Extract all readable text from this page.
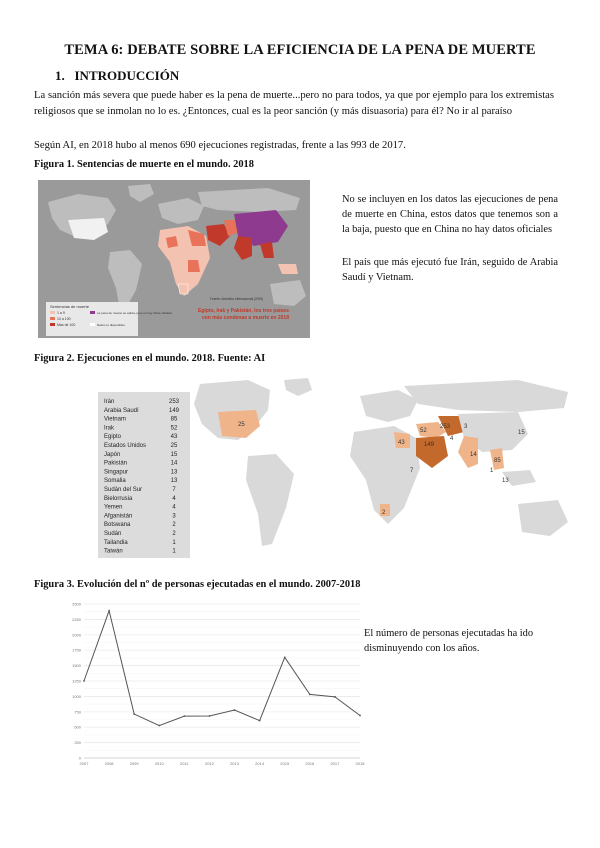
TEMA 6: DEBATE SOBRE LA EFICIENCIA DE LA PENA DE MUERTE
1. INTRODUCCIÓN
La sanción más severa que puede haber es la pena de muerte...pero no para todos, ya que por ejemplo para los extremistas religiosos que se inmolan no lo es. ¿Entonces, cual es la peor sanción (y más disuasoria) para él? No ir al paraíso
Según AI, en 2018 hubo al menos 690 ejecuciones registradas, frente a las 993 de 2017.
Figura 1. Sentencias de muerte en el mundo. 2018
Sentencias de muerte
1 a 9
10 a 100
Más de 100
La pena de muerte se aplica, pero no hay cifras oficiales
Datos no disponibles
Fuente: Amnistía Internacional (2019)
Egipto, Irak y Pakistán, los tres países
con más condenas a muerte en 2018
No se incluyen en los datos las ejecuciones de pena de muerte en China, estos datos que tenemos son a la baja, puesto que en China no hay datos oficiales
El país que más ejecutó fue Irán, seguido de Arabia Saudí y Vietnam.
Figura 2. Ejecuciones en el mundo. 2018. Fuente: AI
Irán	253
Arabia Saudí	149
Vietnam	85
Irak	52
Egipto	43
Estados Unidos	25
Japón	15
Pakistán	14
Singapur	13
Somalia	13
Sudán del Sur	7
Bielorrusia	4
Yemen	4
Afganistán	3
Botswana	2
Sudán	2
Tailandia	1
Taiwán	1
25	253
149
43
52
85
15
13
14
4
3
7
2
1
Figura 3. Evolución del nº de personas ejecutadas en el mundo. 2007-2018
0
250
500
750
1000
1250
1500
1750
2000
2250
2500
2007	2008	2009	2010	2011	2012	2013	2014	2015	2016	2017	2018
El número de personas ejecutadas ha ido disminuyendo con los años.
